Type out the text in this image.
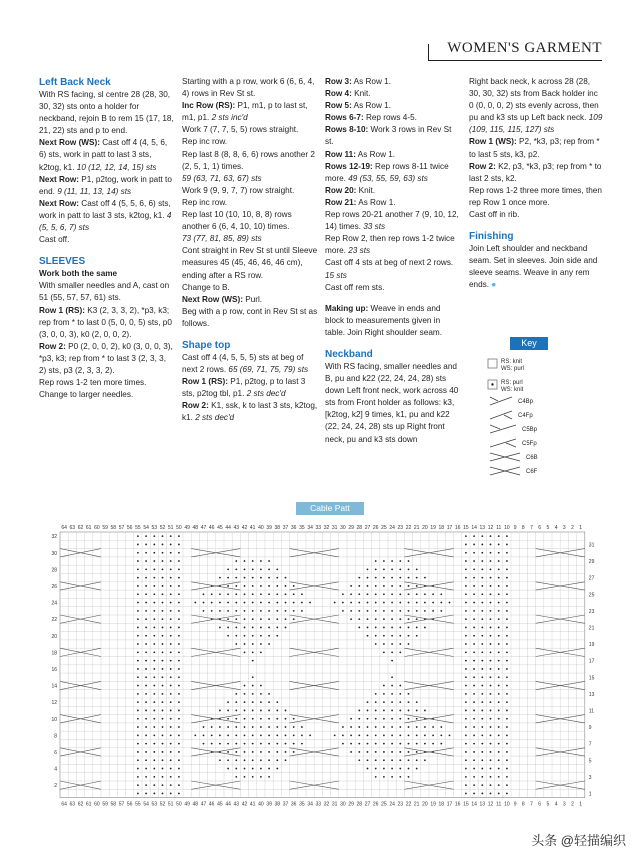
WOMEN'S GARMENT

Left Back Neck

With RS facing, sl centre 28 (28, 30, 30, 32) sts onto a holder for neckband, rejoin B to rem 15 (17, 18, 21, 22) sts and p to end.

Next Row (WS): Cast off 4 (4, 5, 6, 6) sts, work in patt to last 3 sts, k2tog, k1. 10 (12, 12, 14, 15) sts

Next Row: P1, p2tog, work in patt to end. 9 (11, 11, 13, 14) sts

Next Row: Cast off 4 (5, 5, 6, 6) sts, work in patt to last 3 sts, k2tog, k1. 4 (5, 5, 6, 7) sts

Cast off.

SLEEVES

Work both the same

With smaller needles and A, cast on 51 (55, 57, 57, 61) sts.

Row 1 (RS): K3 (2, 3, 3, 2), *p3, k3; rep from * to last 0 (5, 0, 0, 5) sts, p0 (3, 0, 0, 3), k0 (2, 0, 0, 2).

Row 2: P0 (2, 0, 0, 2), k0 (3, 0, 0, 3), *p3, k3; rep from * to last 3 (2, 3, 3, 2) sts, p3 (2, 3, 3, 2).

Rep rows 1-2 ten more times.

Change to larger needles.

Starting with a p row, work 6 (6, 6, 4, 4) rows in Rev St st.

Inc Row (RS): P1, m1, p to last st, m1, p1. 2 sts inc'd

Work 7 (7, 7, 5, 5) rows straight.

Rep inc row.

Rep last 8 (8, 8, 6, 6) rows another 2 (2, 5, 1, 1) times.

59 (63, 71, 63, 67) sts

Work 9 (9, 9, 7, 7) row straight.

Rep inc row.

Rep last 10 (10, 10, 8, 8) rows another 6 (6, 4, 10, 10) times.

73 (77, 81, 85, 89) sts

Cont straight in Rev St st until Sleeve measures 45 (45, 46, 46, 46 cm), ending after a RS row.

Change to B.

Next Row (WS): Purl.

Beg with a p row, cont in Rev St st as follows.

Shape top

Cast off 4 (4, 5, 5, 5) sts at beg of next 2 rows. 65 (69, 71, 75, 79) sts

Row 1 (RS): P1, p2tog, p to last 3 sts, p2tog tbl, p1. 2 sts dec'd

Row 2: K1, ssk, k to last 3 sts, k2tog, k1. 2 sts dec'd

Row 3: As Row 1.

Row 4: Knit.

Row 5: As Row 1.

Rows 6-7: Rep rows 4-5.

Rows 8-10: Work 3 rows in Rev St st.

Row 11: As Row 1.

Rows 12-19: Rep rows 8-11 twice more. 49 (53, 55, 59, 63) sts

Row 20: Knit.

Row 21: As Row 1.

Rep rows 20-21 another 7 (9, 10, 12, 14) times. 33 sts

Rep Row 2, then rep rows 1-2 twice more. 23 sts

Cast off 4 sts at beg of next 2 rows. 15 sts

Cast off rem sts.

Making up: Weave in ends and block to measurements given in table. Join Right shoulder seam.

Neckband

With RS facing, smaller needles and B, pu and k22 (22, 24, 24, 28) sts down Left front neck, work across 40 sts from Front holder as follows: k3, [k2tog, k2] 9 times, k1, pu and k22 (22, 24, 24, 28) sts up Right front neck, pu and k3 sts down

Right back neck, k across 28 (28, 30, 30, 32) sts from Back holder inc 0 (0, 0, 0, 2) sts evenly across, then pu and k3 sts up Left back neck. 109 (109, 115, 115, 127) sts

Row 1 (WS): P2, *k3, p3; rep from * to last 5 sts, k3, p2.

Row 2: K2, p3, *k3, p3; rep from * to last 2 sts, k2.

Rep rows 1-2 three more times, then rep Row 1 once more.

Cast off in rib.

Finishing

Join Left shoulder and neckband seam. Set in sleeves. Join side and sleeve seams. Weave in any rem ends. ●

Key
RS: knit
WS: purl
RS: purl
WS: knit
C4Bp
C4Fp
C5Bp
C5Fp
C6B
C6F
Cable Patt
64
64
63
63
62
62
61
61
60
60
59
59
58
58
57
57
56
56
55
55
54
54
53
53
52
52
51
51
50
50
49
49
48
48
47
47
46
46
45
45
44
44
43
43
42
42
41
41
40
40
39
39
38
38
37
37
36
36
35
35
34
34
33
33
32
32
31
31
30
30
29
29
28
28
27
27
26
26
25
25
24
24
23
23
22
22
21
21
20
20
19
19
18
18
17
17
16
16
15
15
14
14
13
13
12
12
11
11
10
10
9
9
8
8
7
7
6
6
5
5
4
4
3
3
2
2
1
1
32
30
28
26
24
22
20
18
16
14
12
10
8
6
4
2
31
29
27
25
23
21
19
17
15
13
11
9
7
5
3
1
头条 @轻描编织
